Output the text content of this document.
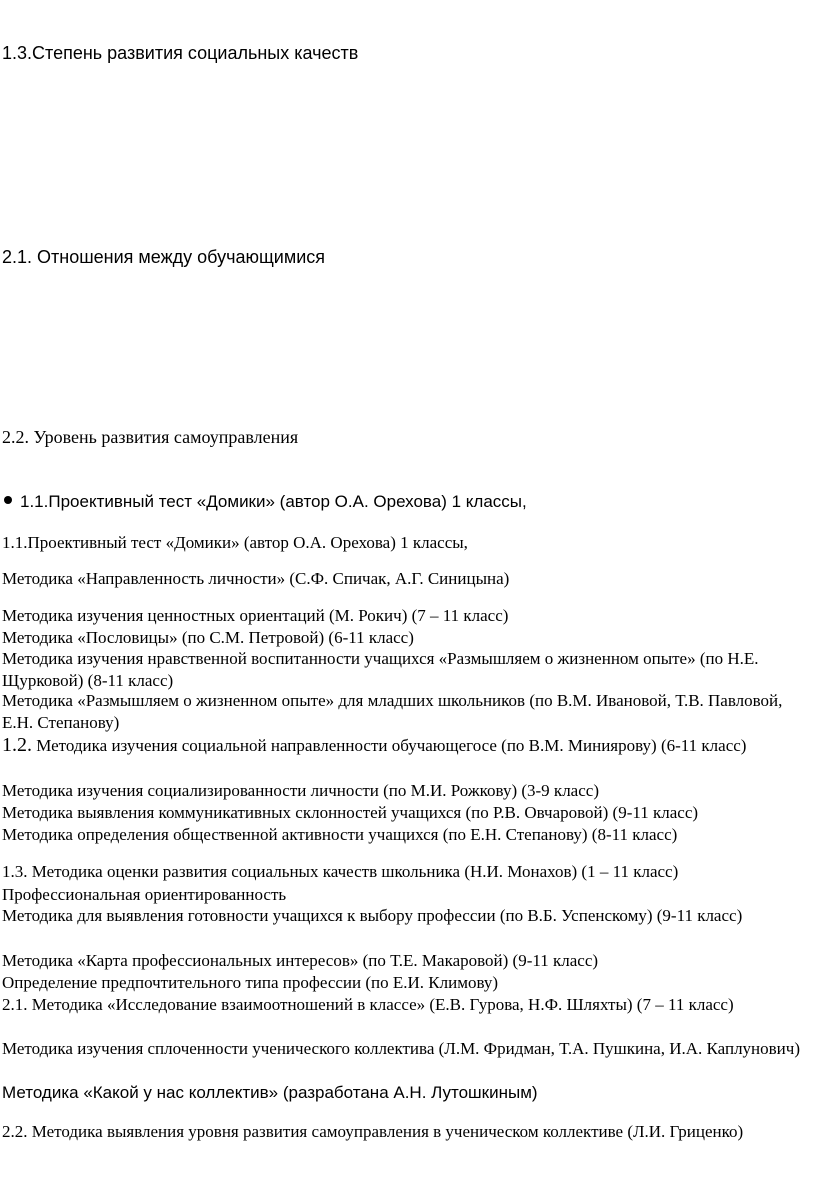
1.3.Степень развития социальных качеств

2.1. Отношения между обучающимися

2.2. Уровень развития самоуправления

1.1.Проективный тест «Домики» (автор О.А. Орехова) 1 классы,

1.1.Проективный тест «Домики» (автор О.А. Орехова) 1 классы,

Методика «Направленность личности» (С.Ф. Спичак, А.Г. Синицына)

Методика изучения ценностных ориентаций (М. Рокич) (7 – 11 класс)

Методика «Пословицы» (по С.М. Петровой) (6-11 класс)

Методика изучения нравственной воспитанности учащихся «Размышляем о жизненном опыте» (по Н.Е. Щурковой) (8-11 класс)

Методика «Размышляем о жизненном опыте» для младших школьников (по В.М. Ивановой, Т.В. Павловой, Е.Н. Степанову)

1.2. Методика изучения социальной направленности обучающегосе (по В.М. Миниярову) (6-11 класс)

Методика изучения социализированности личности (по М.И. Рожкову) (3-9 класс)

Методика выявления коммуникативных склонностей учащихся (по Р.В. Овчаровой) (9-11 класс)

Методика определения общественной активности учащихся (по Е.Н. Степанову) (8-11 класс)

1.3. Методика оценки развития социальных качеств школьника (Н.И. Монахов) (1 – 11 класс)

Профессиональная ориентированность

Методика для выявления готовности учащихся к выбору профессии (по В.Б. Успенскому) (9-11 класс)

Методика «Карта профессиональных интересов» (по Т.Е. Макаровой) (9-11 класс)

Определение предпочтительного типа профессии (по Е.И. Климову)

2.1. Методика «Исследование взаимоотношений в классе» (Е.В. Гурова, Н.Ф. Шляхты) (7 – 11 класс)

Методика изучения сплоченности ученического коллектива (Л.М. Фридман, Т.А. Пушкина, И.А. Каплунович)

Методика «Какой у нас коллектив» (разработана А.Н. Лутошкиным)

2.2. Методика выявления уровня развития самоуправления в ученическом коллективе (Л.И. Гриценко)
